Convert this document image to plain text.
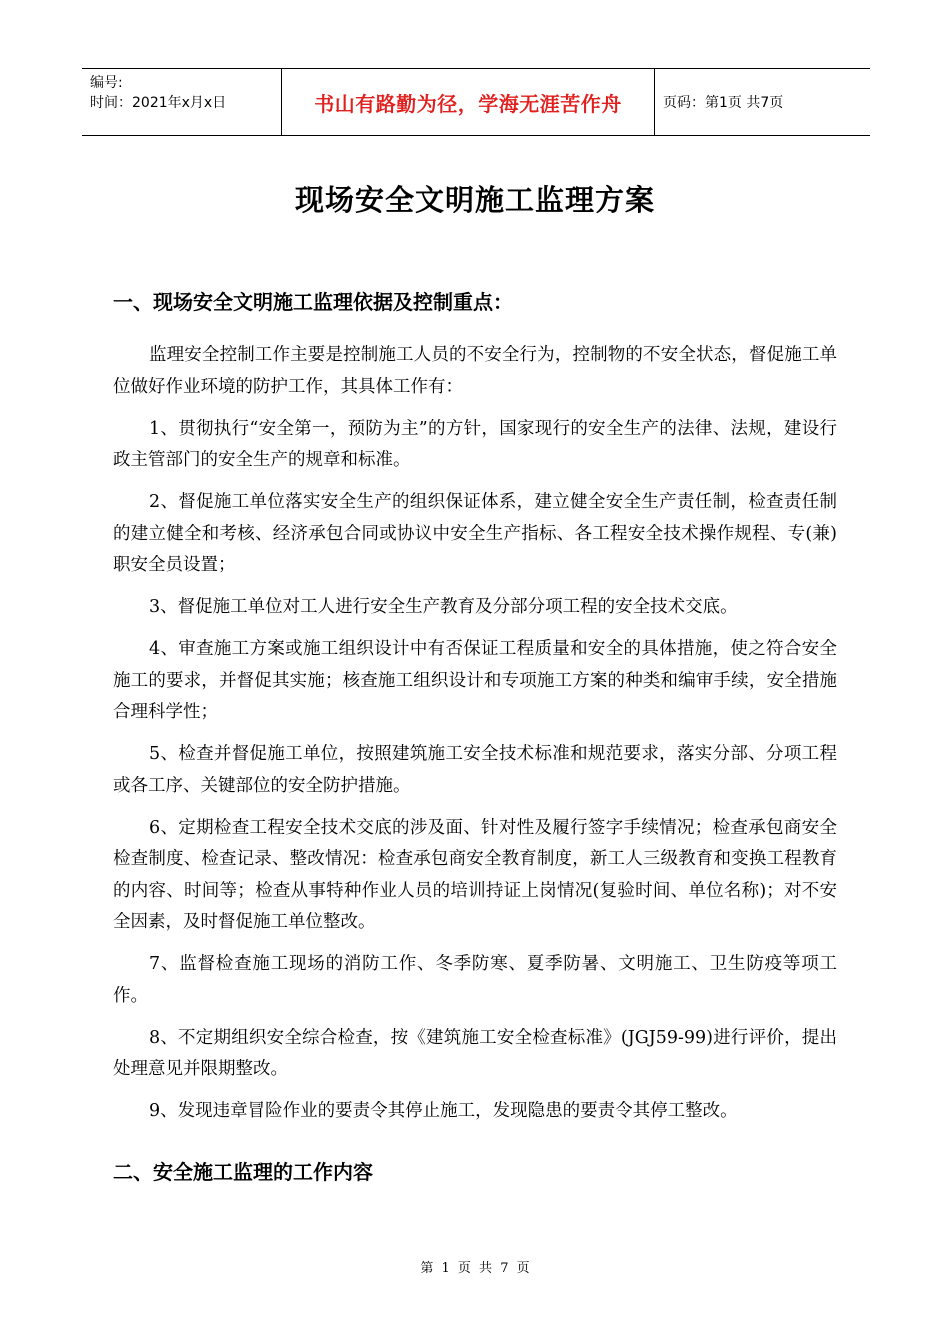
编号:
时间：2021年x月x日	书山有路勤为径，学海无涯苦作舟	页码：第1页 共7页
现场安全文明施工监理方案
一、现场安全文明施工监理依据及控制重点：

监理安全控制工作主要是控制施工人员的不安全行为，控制物的不安全状态，督促施工单位做好作业环境的防护工作，其具体工作有：

1、贯彻执行“安全第一，预防为主”的方针，国家现行的安全生产的法律、法规，建设行政主管部门的安全生产的规章和标准。

2、督促施工单位落实安全生产的组织保证体系，建立健全安全生产责任制，检查责任制的建立健全和考核、经济承包合同或协议中安全生产指标、各工程安全技术操作规程、专(兼)职安全员设置；

3、督促施工单位对工人进行安全生产教育及分部分项工程的安全技术交底。

4、审查施工方案或施工组织设计中有否保证工程质量和安全的具体措施，使之符合安全施工的要求，并督促其实施；核查施工组织设计和专项施工方案的种类和编审手续，安全措施合理科学性；

5、检查并督促施工单位，按照建筑施工安全技术标准和规范要求，落实分部、分项工程或各工序、关键部位的安全防护措施。

6、定期检查工程安全技术交底的涉及面、针对性及履行签字手续情况；检查承包商安全检查制度、检查记录、整改情况：检查承包商安全教育制度，新工人三级教育和变换工程教育的内容、时间等；检查从事特种作业人员的培训持证上岗情况(复验时间、单位名称)；对不安全因素，及时督促施工单位整改。

7、监督检查施工现场的消防工作、冬季防寒、夏季防暑、文明施工、卫生防疫等项工作。

8、不定期组织安全综合检查，按《建筑施工安全检查标准》(JGJ59-99)进行评价，提出处理意见并限期整改。

9、发现违章冒险作业的要责令其停止施工，发现隐患的要责令其停工整改。

二、安全施工监理的工作内容
第 1 页 共 7 页
